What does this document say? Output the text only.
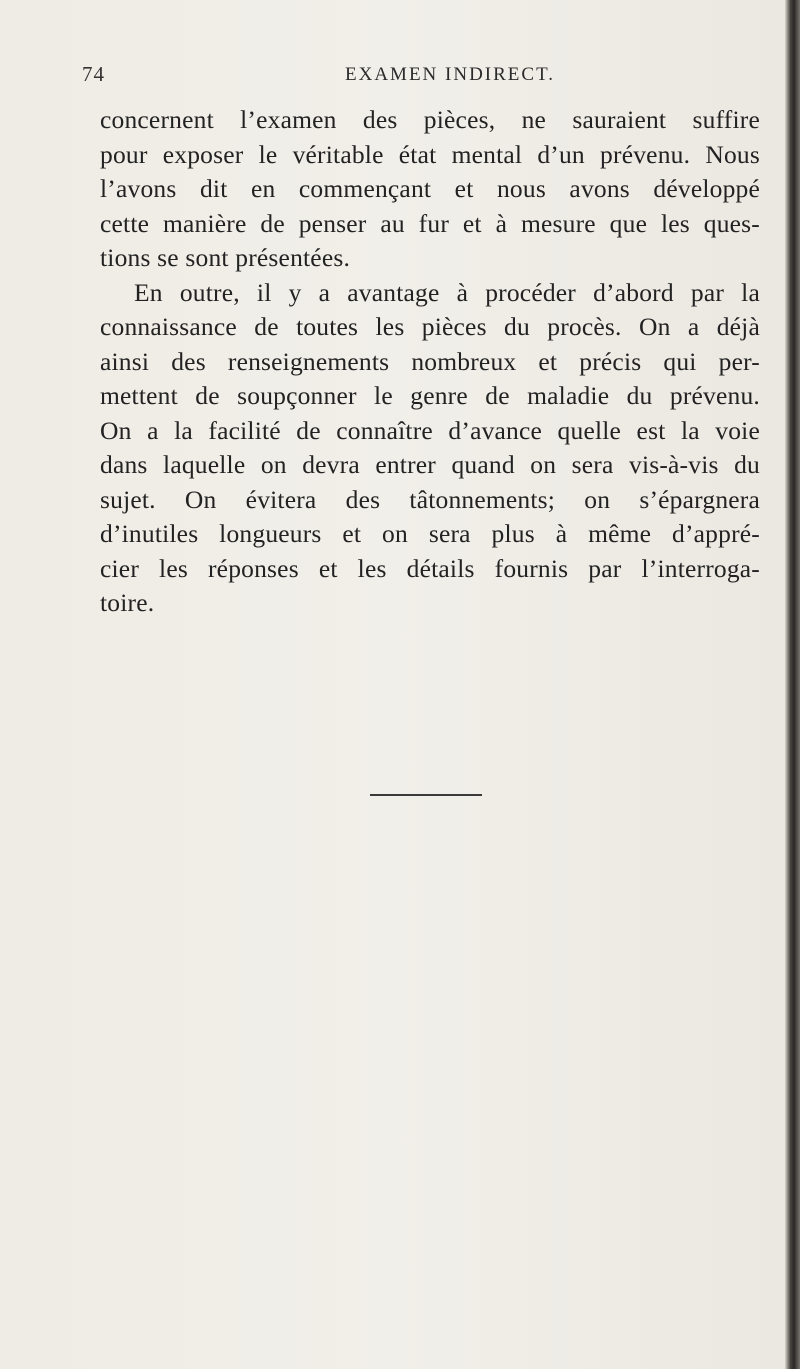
74	EXAMEN INDIRECT.
concernent l’examen des pièces, ne sauraient suffire
pour exposer le véritable état mental d’un prévenu. Nous
l’avons dit en commençant et nous avons développé
cette manière de penser au fur et à mesure que les ques-
tions se sont présentées.
En outre, il y a avantage à procéder d’abord par la
connaissance de toutes les pièces du procès. On a déjà
ainsi des renseignements nombreux et précis qui per-
mettent de soupçonner le genre de maladie du prévenu.
On a la facilité de connaître d’avance quelle est la voie
dans laquelle on devra entrer quand on sera vis-à-vis du
sujet. On évitera des tâtonnements; on s’épargnera
d’inutiles longueurs et on sera plus à même d’appré-
cier les réponses et les détails fournis par l’interroga-
toire.
